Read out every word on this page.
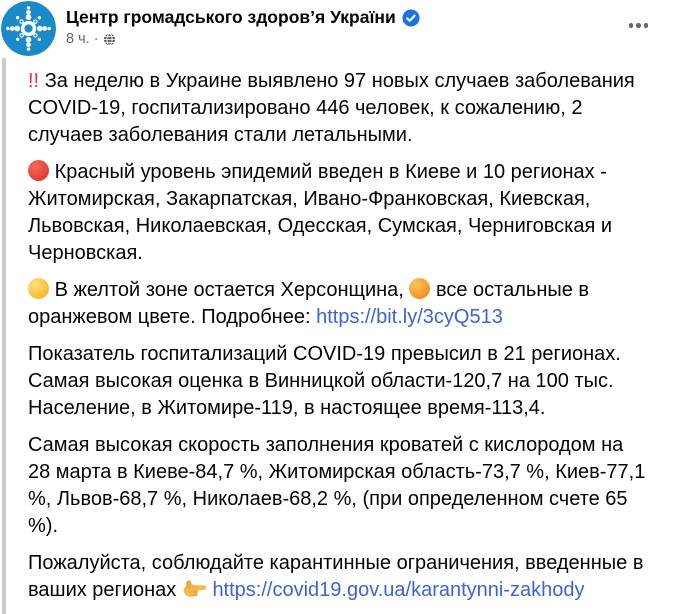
Центр громадського здоров’я України
8 ч. ·

!! За неделю в Украине выявлено 97 новых случаев заболевания COVID-19, госпитализировано 446 человек, к сожалению, 2 случаев заболевания стали летальными.

Красный уровень эпидемий введен в Киеве и 10 регионах - Житомирская, Закарпатская, Ивано-Франковская, Киевская, Львовская, Николаевская, Одесская, Сумская, Черниговская и Черновская.

В желтой зоне остается Херсонщина, все остальные в оранжевом цвете. Подробнее: https://bit.ly/3cyQ513

Показатель госпитализаций COVID-19 превысил в 21 регионах. Самая высокая оценка в Винницкой области-120,7 на 100 тыс. Население, в Житомире-119, в настоящее время-113,4.

Самая высокая скорость заполнения кроватей с кислородом на 28 марта в Киеве-84,7 %, Житомирская область-73,7 %, Киев-77,1 %, Львов-68,7 %, Николаев-68,2 %, (при определенном счете 65 %).

Пожалуйста, соблюдайте карантинные ограничения, введенные в ваших регионах https://covid19.gov.ua/karantynni-zakhody
